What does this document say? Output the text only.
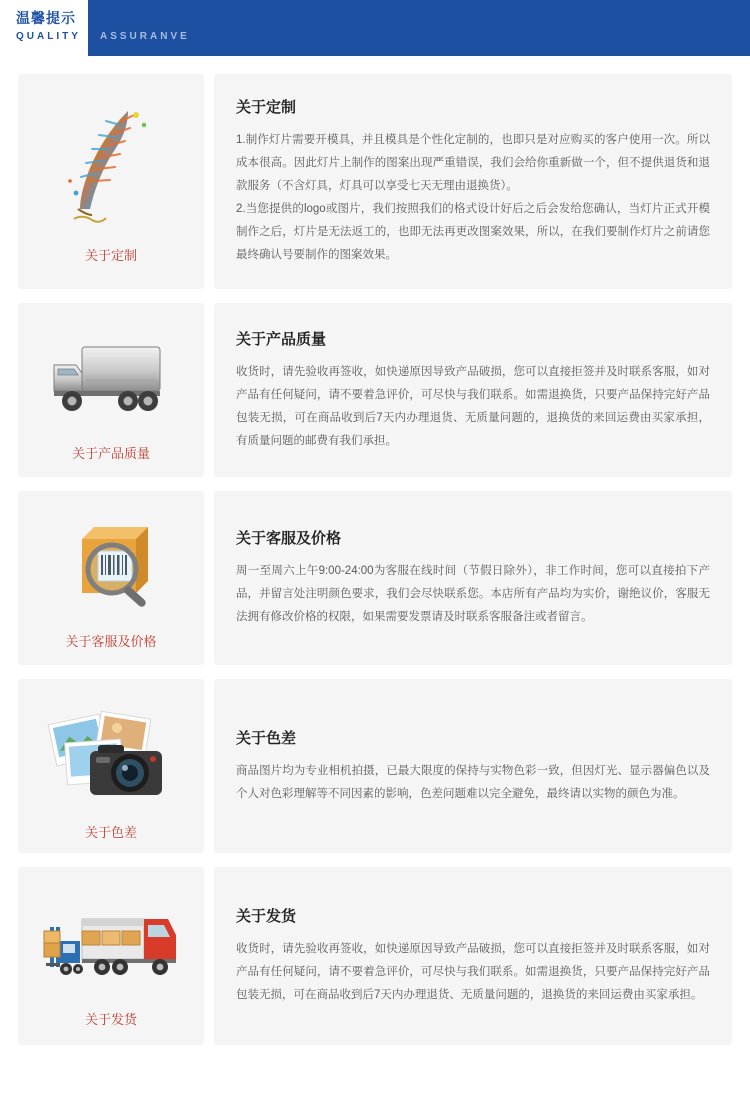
温馨提示
QUALITY ASSURANVE
关于定制
关于定制
1.制作灯片需要开模具，并且模具是个性化定制的，也即只是对应购买的客户使用一次。所以成本很高。因此灯片上制作的图案出现严重错误，我们会给你重新做一个，但不提供退货和退款服务（不含灯具，灯具可以享受七天无理由退换货）。
2.当您提供的logo或图片，我们按照我们的格式设计好后之后会发给您确认，当灯片正式开模制作之后，灯片是无法返工的，也即无法再更改图案效果，所以，在我们要制作灯片之前请您最终确认号要制作的图案效果。
关于产品质量
关于产品质量
收货时，请先验收再签收，如快递原因导致产品破损，您可以直接拒签并及时联系客服，如对产品有任何疑问，请不要着急评价，可尽快与我们联系。如需退换货，只要产品保持完好产品包装无损，可在商品收到后7天内办理退货、无质量问题的，退换货的来回运费由买家承担，有质量问题的邮费有我们承担。
关于客服及价格
关于客服及价格
周一至周六上午9:00-24:00为客服在线时间（节假日除外），非工作时间，您可以直接拍下产品，并留言处注明颜色要求，我们会尽快联系您。本店所有产品均为实价，谢绝议价，客服无法拥有修改价格的权限，如果需要发票请及时联系客服备注或者留言。
关于色差
关于色差
商品图片均为专业相机拍摄，已最大限度的保持与实物色彩一致，但因灯光、显示器偏色以及个人对色彩理解等不同因素的影响，色差问题难以完全避免，最终请以实物的颜色为准。
关于发货
关于发货
收货时，请先验收再签收，如快递原因导致产品破损，您可以直接拒签并及时联系客服，如对产品有任何疑问，请不要着急评价，可尽快与我们联系。如需退换货，只要产品保持完好产品包装无损，可在商品收到后7天内办理退货、无质量问题的，退换货的来回运费由买家承担。
